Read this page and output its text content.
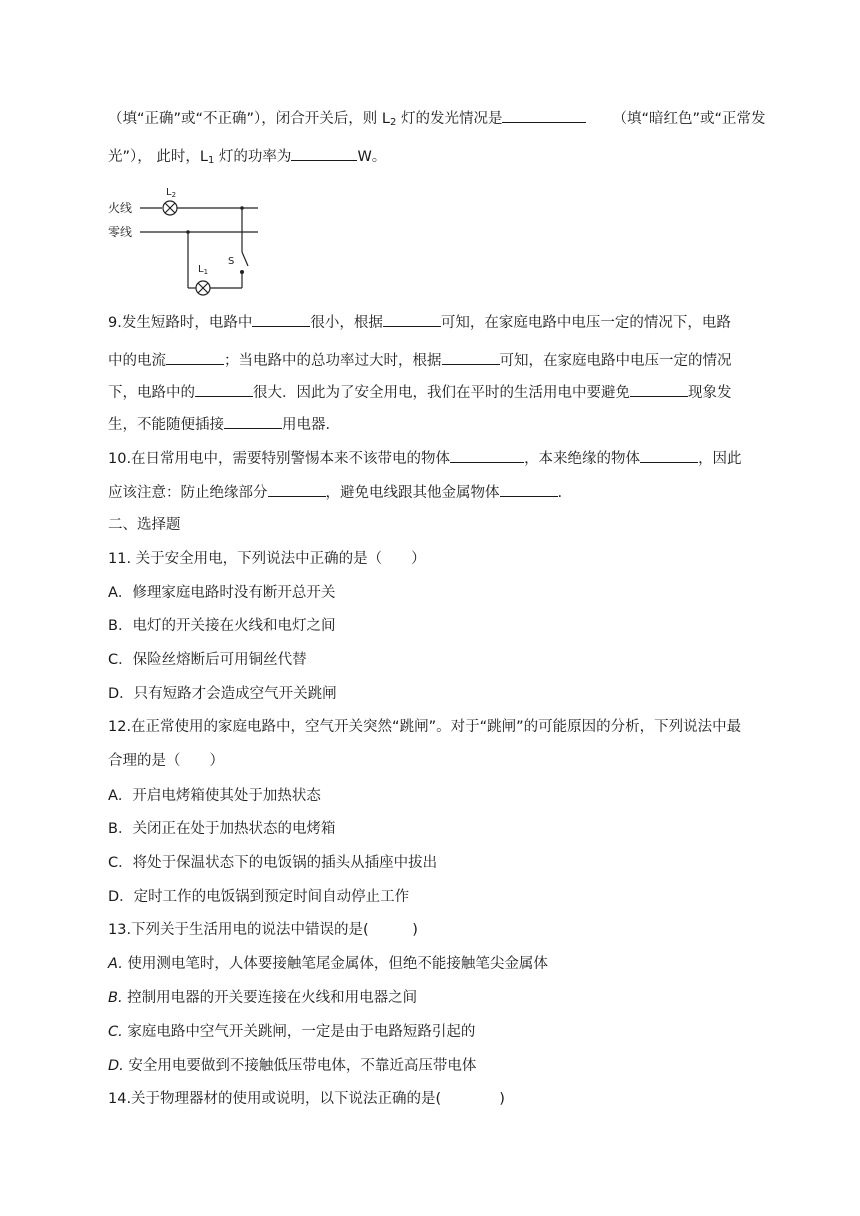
（填“正确”或“不正确”），闭合开关后，则 $L_2$ 灯的发光情况是	（填“暗红色”或“正常发
光”）， 此时，$L_1$ 灯的功率为	W。
火线
零线
$L_2$
$L_1$
S
9.发生短路时，电路中	很小，根据	可知，在家庭电路中电压一定的情况下，电路
中的电流	；当电路中的总功率过大时，根据	可知，在家庭电路中电压一定的情况
下，电路中的	很大．因此为了安全用电，我们在平时的生活用电中要避免	现象发
生，不能随便插接	用电器．
10.在日常用电中，需要特别警惕本来不该带电的物体	，本来绝缘的物体	，因此
应该注意：防止绝缘部分	，避免电线跟其他金属物体	.
二、选择题
11. 关于安全用电，下列说法中正确的是（　　）
A．修理家庭电路时没有断开总开关
B．电灯的开关接在火线和电灯之间
C．保险丝熔断后可用铜丝代替
D．只有短路才会造成空气开关跳闸
12.在正常使用的家庭电路中，空气开关突然“跳闸”。对于“跳闸”的可能原因的分析，下列说法中最
合理的是（　　）
A．开启电烤箱使其处于加热状态
B．关闭正在处于加热状态的电烤箱
C．将处于保温状态下的电饭锅的插头从插座中拔出
D．定时工作的电饭锅到预定时间自动停止工作
13.下列关于生活用电的说法中错误的是(　　　)
A. 使用测电笔时，人体要接触笔尾金属体，但绝不能接触笔尖金属体
B. 控制用电器的开关要连接在火线和用电器之间
C. 家庭电路中空气开关跳闸，一定是由于电路短路引起的
D. 安全用电要做到不接触低压带电体，不靠近高压带电体
14.关于物理器材的使用或说明，以下说法正确的是(　　　　)
